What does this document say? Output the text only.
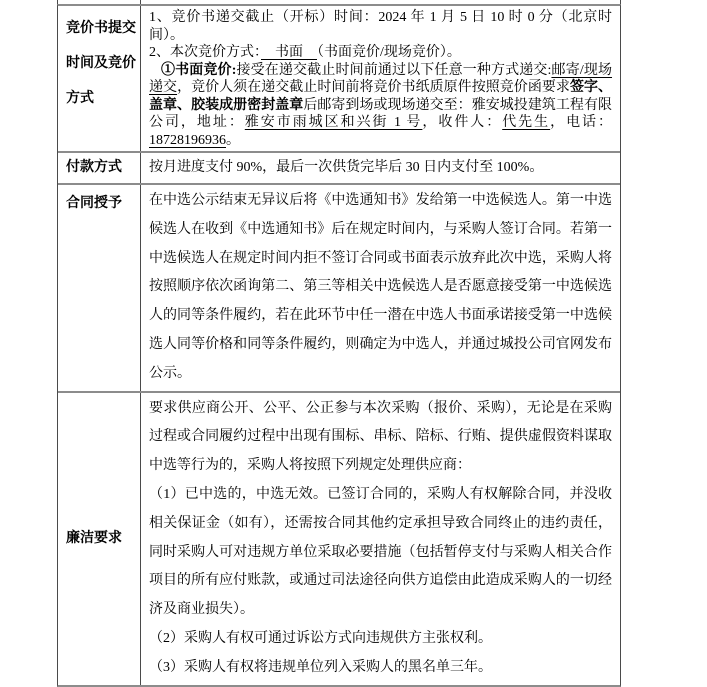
竞价书提交
时间及竞价
方式

1、竞价书递交截止（开标）时间：2024 年 1 月 5 日 10 时 0 分（北京时间）。

2、本次竞价方式：　书面　（书面竞价/现场竞价）。

①书面竞价:接受在递交截止时间前通过以下任意一种方式递交:邮寄/现场递交，竞价人须在递交截止时间前将竞价书纸质原件按照竞价函要求签字、盖章、胶装成册密封盖章后邮寄到场或现场递交至：雅安城投建筑工程有限公司，地址：雅安市雨城区和兴街 1 号，收件人：代先生，电话：18728196936。

付款方式	按月进度支付 90%，最后一次供货完毕后 30 日内支付至 100%。

合同授予	在中选公示结束无异议后将《中选通知书》发给第一中选候选人。第一中选候选人在收到《中选通知书》后在规定时间内，与采购人签订合同。若第一中选候选人在规定时间内拒不签订合同或书面表示放弃此次中选，采购人将按照顺序依次函询第二、第三等相关中选候选人是否愿意接受第一中选候选人的同等条件履约，若在此环节中任一潜在中选人书面承诺接受第一中选候选人同等价格和同等条件履约，则确定为中选人，并通过城投公司官网发布公示。

廉洁要求

要求供应商公开、公平、公正参与本次采购（报价、采购），无论是在采购过程或合同履约过程中出现有围标、串标、陪标、行贿、提供虚假资料谋取中选等行为的，采购人将按照下列规定处理供应商：

（1）已中选的，中选无效。已签订合同的，采购人有权解除合同，并没收相关保证金（如有），还需按合同其他约定承担导致合同终止的违约责任，同时采购人可对违规方单位采取必要措施（包括暂停支付与采购人相关合作项目的所有应付账款，或通过司法途径向供方追偿由此造成采购人的一切经济及商业损失）。

（2）采购人有权可通过诉讼方式向违规供方主张权利。

（3）采购人有权将违规单位列入采购人的黑名单三年。
